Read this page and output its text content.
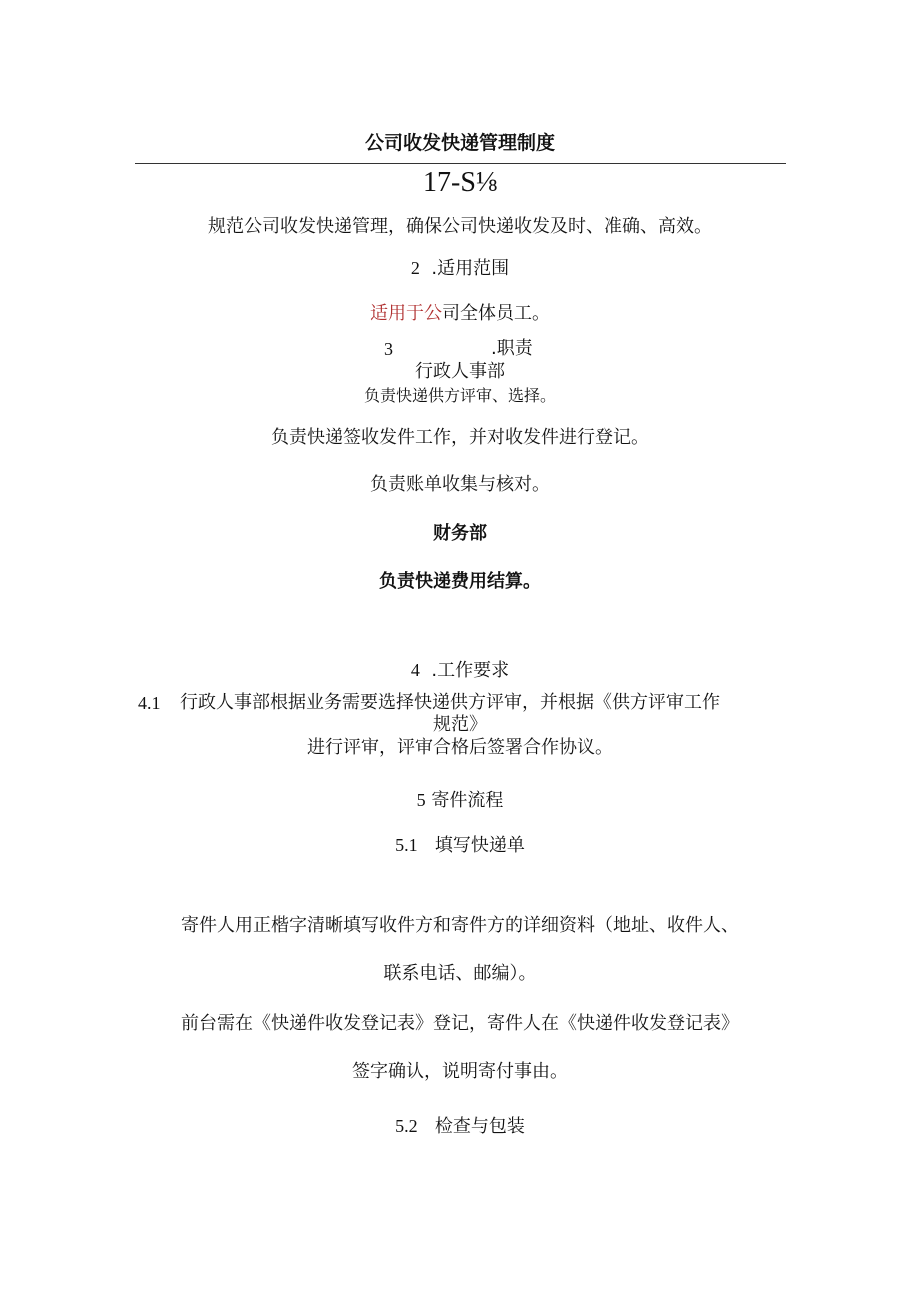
公司收发快递管理制度
17-S⅛
规范公司收发快递管理，确保公司快递收发及时、准确、高效。
2 .适用范围
适用于公司全体员工。
3	.职责
行政人事部
负责快递供方评审、选择。
负责快递签收发件工作，并对收发件进行登记。
负责账单收集与核对。
财务部
负责快递费用结算。
4 .工作要求
4.1 行政人事部根据业务需要选择快递供方评审，并根据《供方评审工作
规范》
进行评审，评审合格后签署合作协议。
5 寄件流程
5.1 填写快递单
寄件人用正楷字清晰填写收件方和寄件方的详细资料（地址、收件人、
联系电话、邮编）。
前台需在《快递件收发登记表》登记，寄件人在《快递件收发登记表》
签字确认，说明寄付事由。
5.2 检查与包装
